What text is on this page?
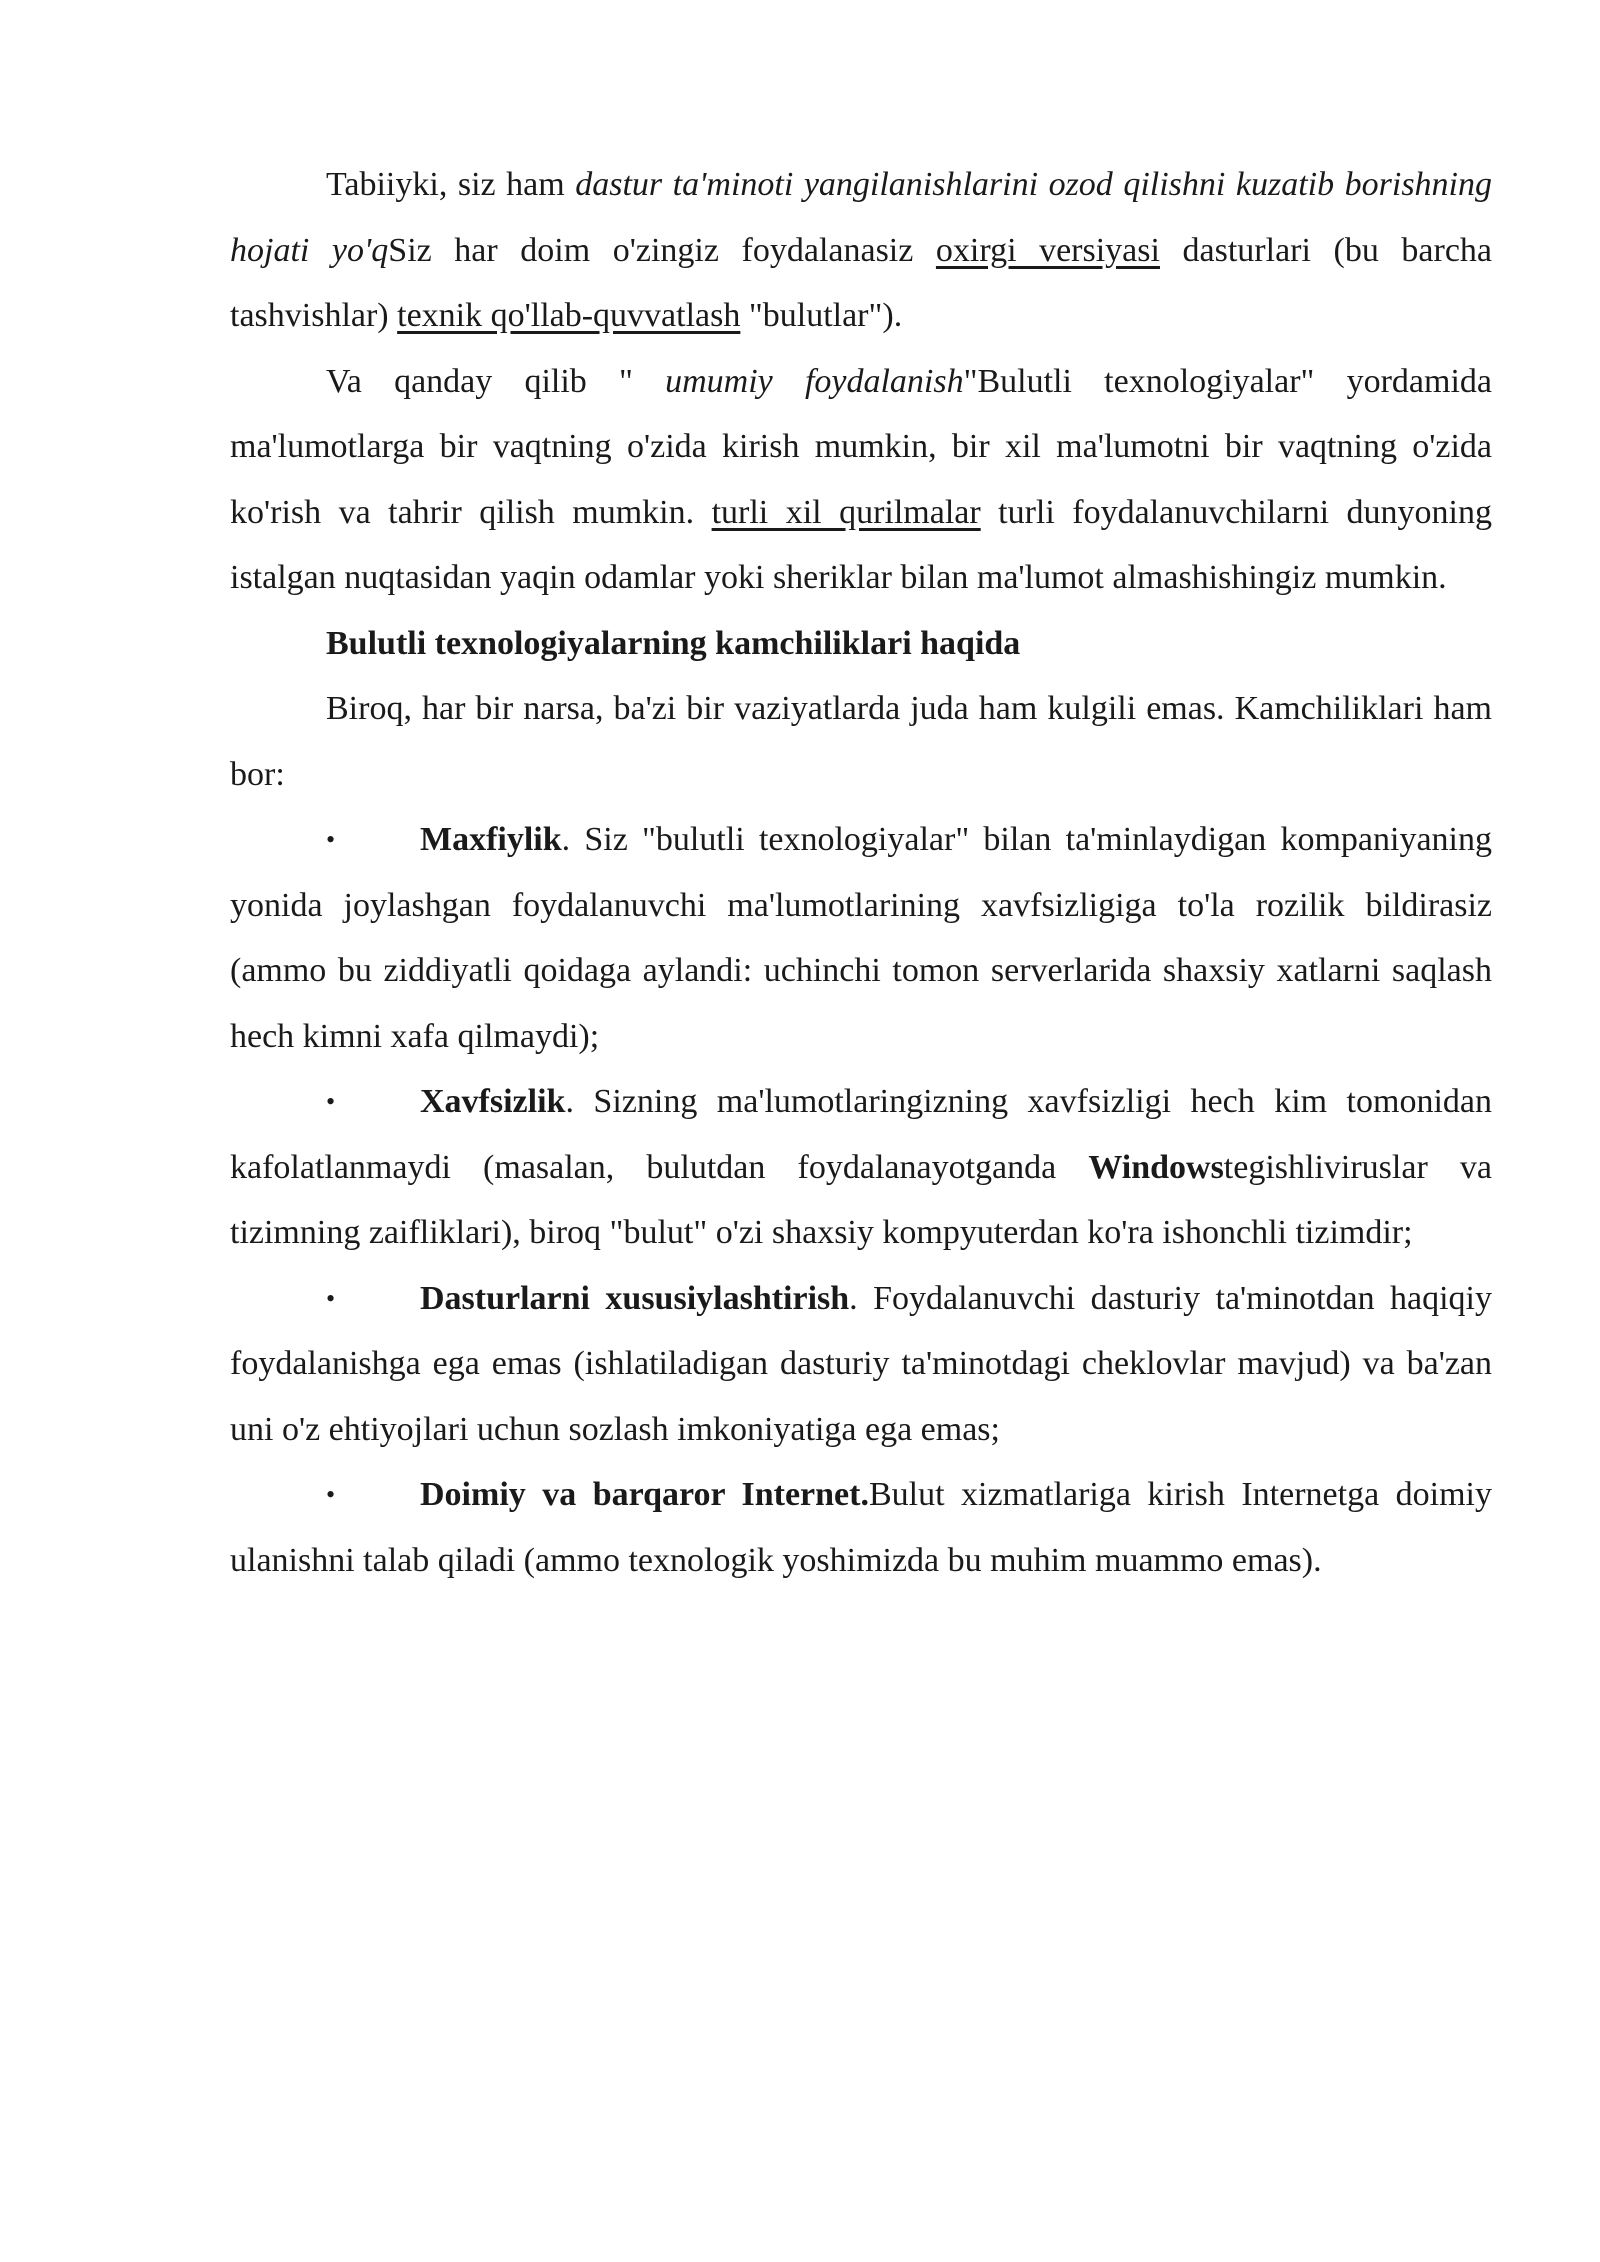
Tabiiyki, siz ham dastur ta'minoti yangilanishlarini ozod qilishni kuzatib borishning hojati yo'qSiz har doim o'zingiz foydalanasiz oxirgi versiyasi dasturlari (bu barcha tashvishlar) texnik qo'llab-quvvatlash "bulutlar").

Va qanday qilib " umumiy foydalanish"Bulutli texnologiyalar" yordamida ma'lumotlarga bir vaqtning o'zida kirish mumkin, bir xil ma'lumotni bir vaqtning o'zida ko'rish va tahrir qilish mumkin. turli xil qurilmalar turli foydalanuvchilarni dunyoning istalgan nuqtasidan yaqin odamlar yoki sheriklar bilan ma'lumot almashishingiz mumkin.

Bulutli texnologiyalarning kamchiliklari haqida

Biroq, har bir narsa, ba'zi bir vaziyatlarda juda ham kulgili emas. Kamchiliklari ham bor:

• Maxfiylik. Siz "bulutli texnologiyalar" bilan ta'minlaydigan kompaniyaning yonida joylashgan foydalanuvchi ma'lumotlarining xavfsizligiga to'la rozilik bildirasiz (ammo bu ziddiyatli qoidaga aylandi: uchinchi tomon serverlarida shaxsiy xatlarni saqlash hech kimni xafa qilmaydi);

• Xavfsizlik. Sizning ma'lumotlaringizning xavfsizligi hech kim tomonidan kafolatlanmaydi (masalan, bulutdan foydalanayotganda Windowstegishliviruslar va tizimning zaifliklari), biroq "bulut" o'zi shaxsiy kompyuterdan ko'ra ishonchli tizimdir;

• Dasturlarni xususiylashtirish. Foydalanuvchi dasturiy ta'minotdan haqiqiy foydalanishga ega emas (ishlatiladigan dasturiy ta'minotdagi cheklovlar mavjud) va ba'zan uni o'z ehtiyojlari uchun sozlash imkoniyatiga ega emas;

• Doimiy va barqaror Internet.Bulut xizmatlariga kirish Internetga doimiy ulanishni talab qiladi (ammo texnologik yoshimizda bu muhim muammo emas).
